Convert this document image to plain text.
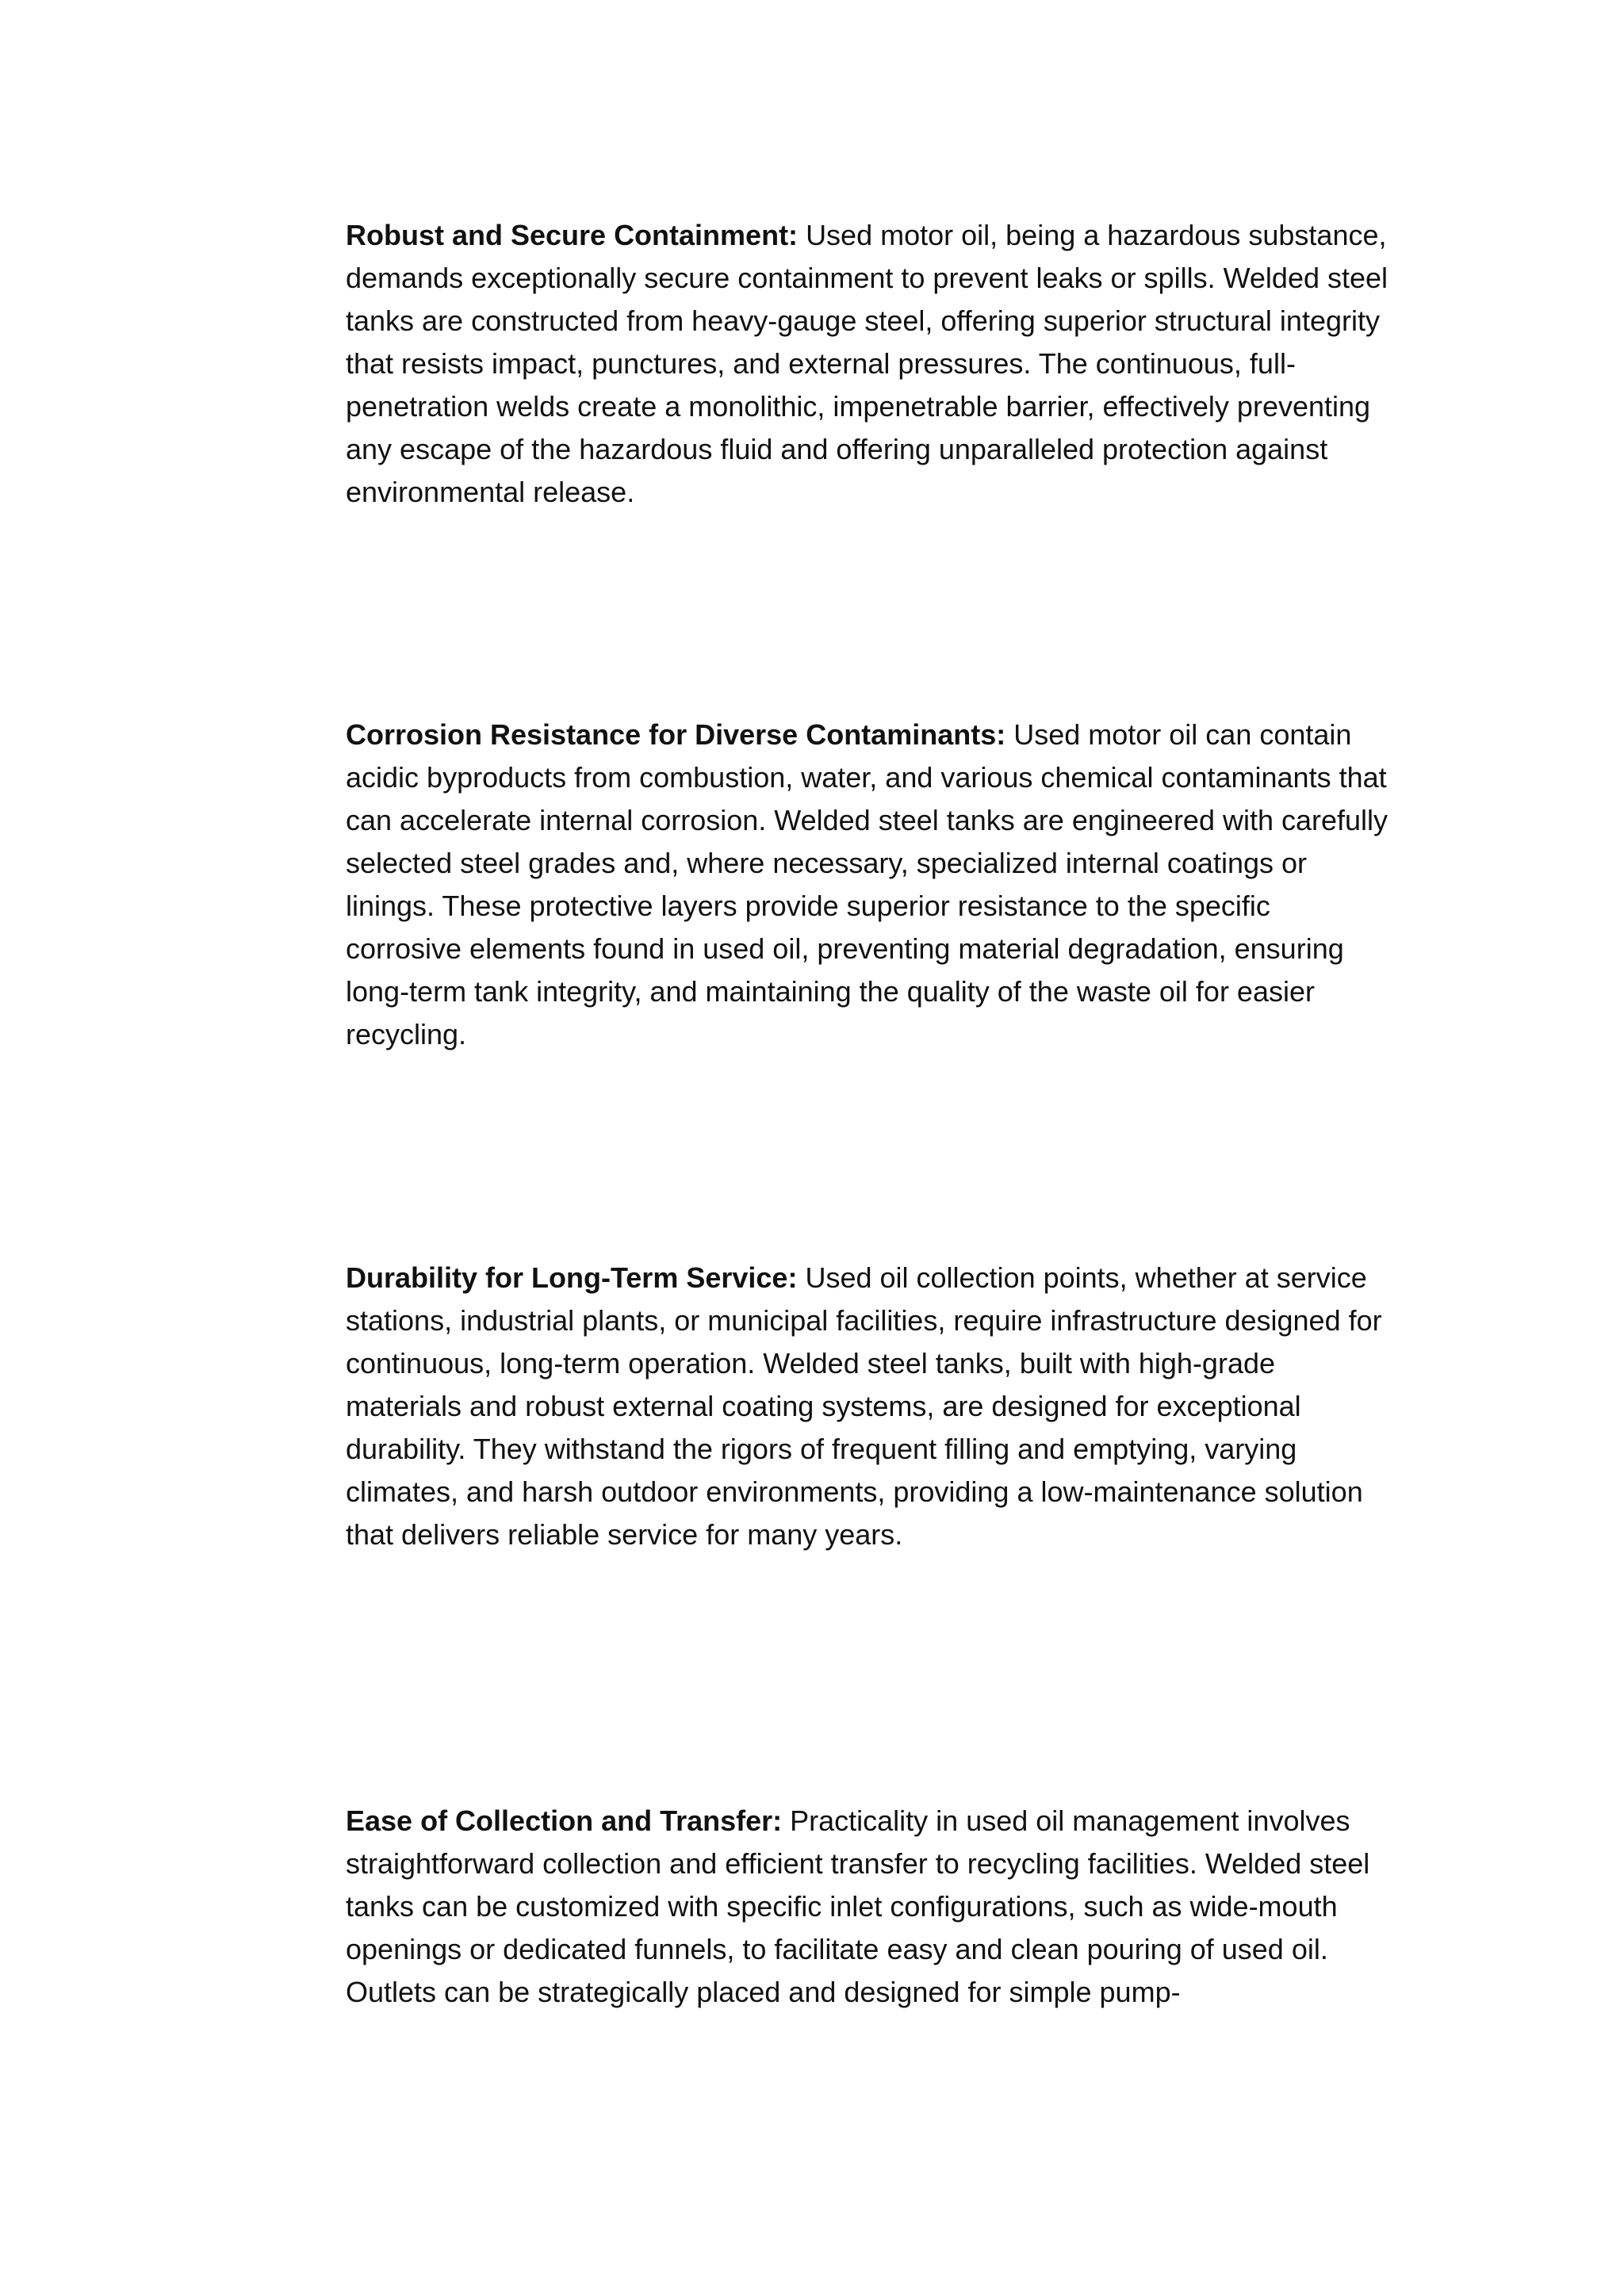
Robust and Secure Containment: Used motor oil, being a hazardous substance, demands exceptionally secure containment to prevent leaks or spills. Welded steel tanks are constructed from heavy-gauge steel, offering superior structural integrity that resists impact, punctures, and external pressures. The continuous, full-penetration welds create a monolithic, impenetrable barrier, effectively preventing any escape of the hazardous fluid and offering unparalleled protection against environmental release.

Corrosion Resistance for Diverse Contaminants: Used motor oil can contain acidic byproducts from combustion, water, and various chemical contaminants that can accelerate internal corrosion. Welded steel tanks are engineered with carefully selected steel grades and, where necessary, specialized internal coatings or linings. These protective layers provide superior resistance to the specific corrosive elements found in used oil, preventing material degradation, ensuring long-term tank integrity, and maintaining the quality of the waste oil for easier recycling.

Durability for Long-Term Service: Used oil collection points, whether at service stations, industrial plants, or municipal facilities, require infrastructure designed for continuous, long-term operation. Welded steel tanks, built with high-grade materials and robust external coating systems, are designed for exceptional durability. They withstand the rigors of frequent filling and emptying, varying climates, and harsh outdoor environments, providing a low-maintenance solution that delivers reliable service for many years.

Ease of Collection and Transfer: Practicality in used oil management involves straightforward collection and efficient transfer to recycling facilities. Welded steel tanks can be customized with specific inlet configurations, such as wide-mouth openings or dedicated funnels, to facilitate easy and clean pouring of used oil. Outlets can be strategically placed and designed for simple pump-
